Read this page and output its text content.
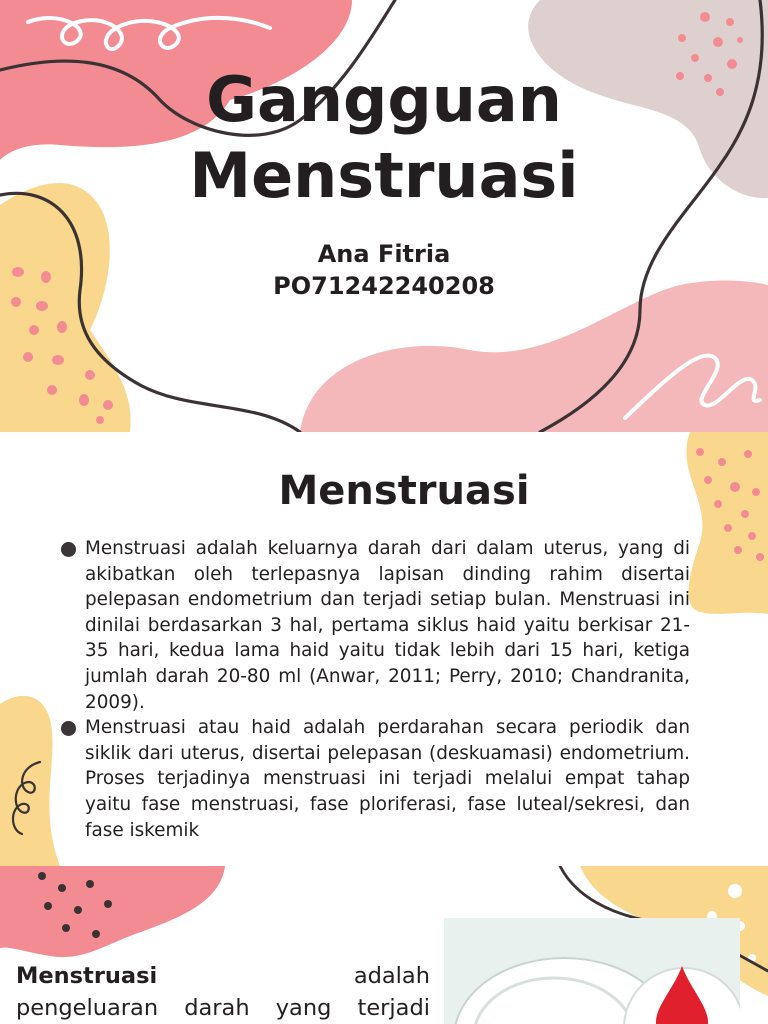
Gangguan
Menstruasi
Ana Fitria
PO71242240208
Menstruasi
Menstruasi adalah keluarnya darah dari dalam uterus, yang di akibatkan oleh terlepasnya lapisan dinding rahim disertai pelepasan endometrium dan terjadi setiap bulan. Menstruasi ini dinilai berdasarkan 3 hal, pertama siklus haid yaitu berkisar 21-35 hari, kedua lama haid yaitu tidak lebih dari 15 hari, ketiga jumlah darah 20-80 ml (Anwar, 2011; Perry, 2010; Chandranita, 2009).
Menstruasi atau haid adalah perdarahan secara periodik dan siklik dari uterus, disertai pelepasan (deskuamasi) endometrium. Proses terjadinya menstruasi ini terjadi melalui empat tahap yaitu fase menstruasi, fase ploriferasi, fase luteal/sekresi, dan fase iskemik
Menstruasi	adalah
pengeluaran darah yang terjadi
